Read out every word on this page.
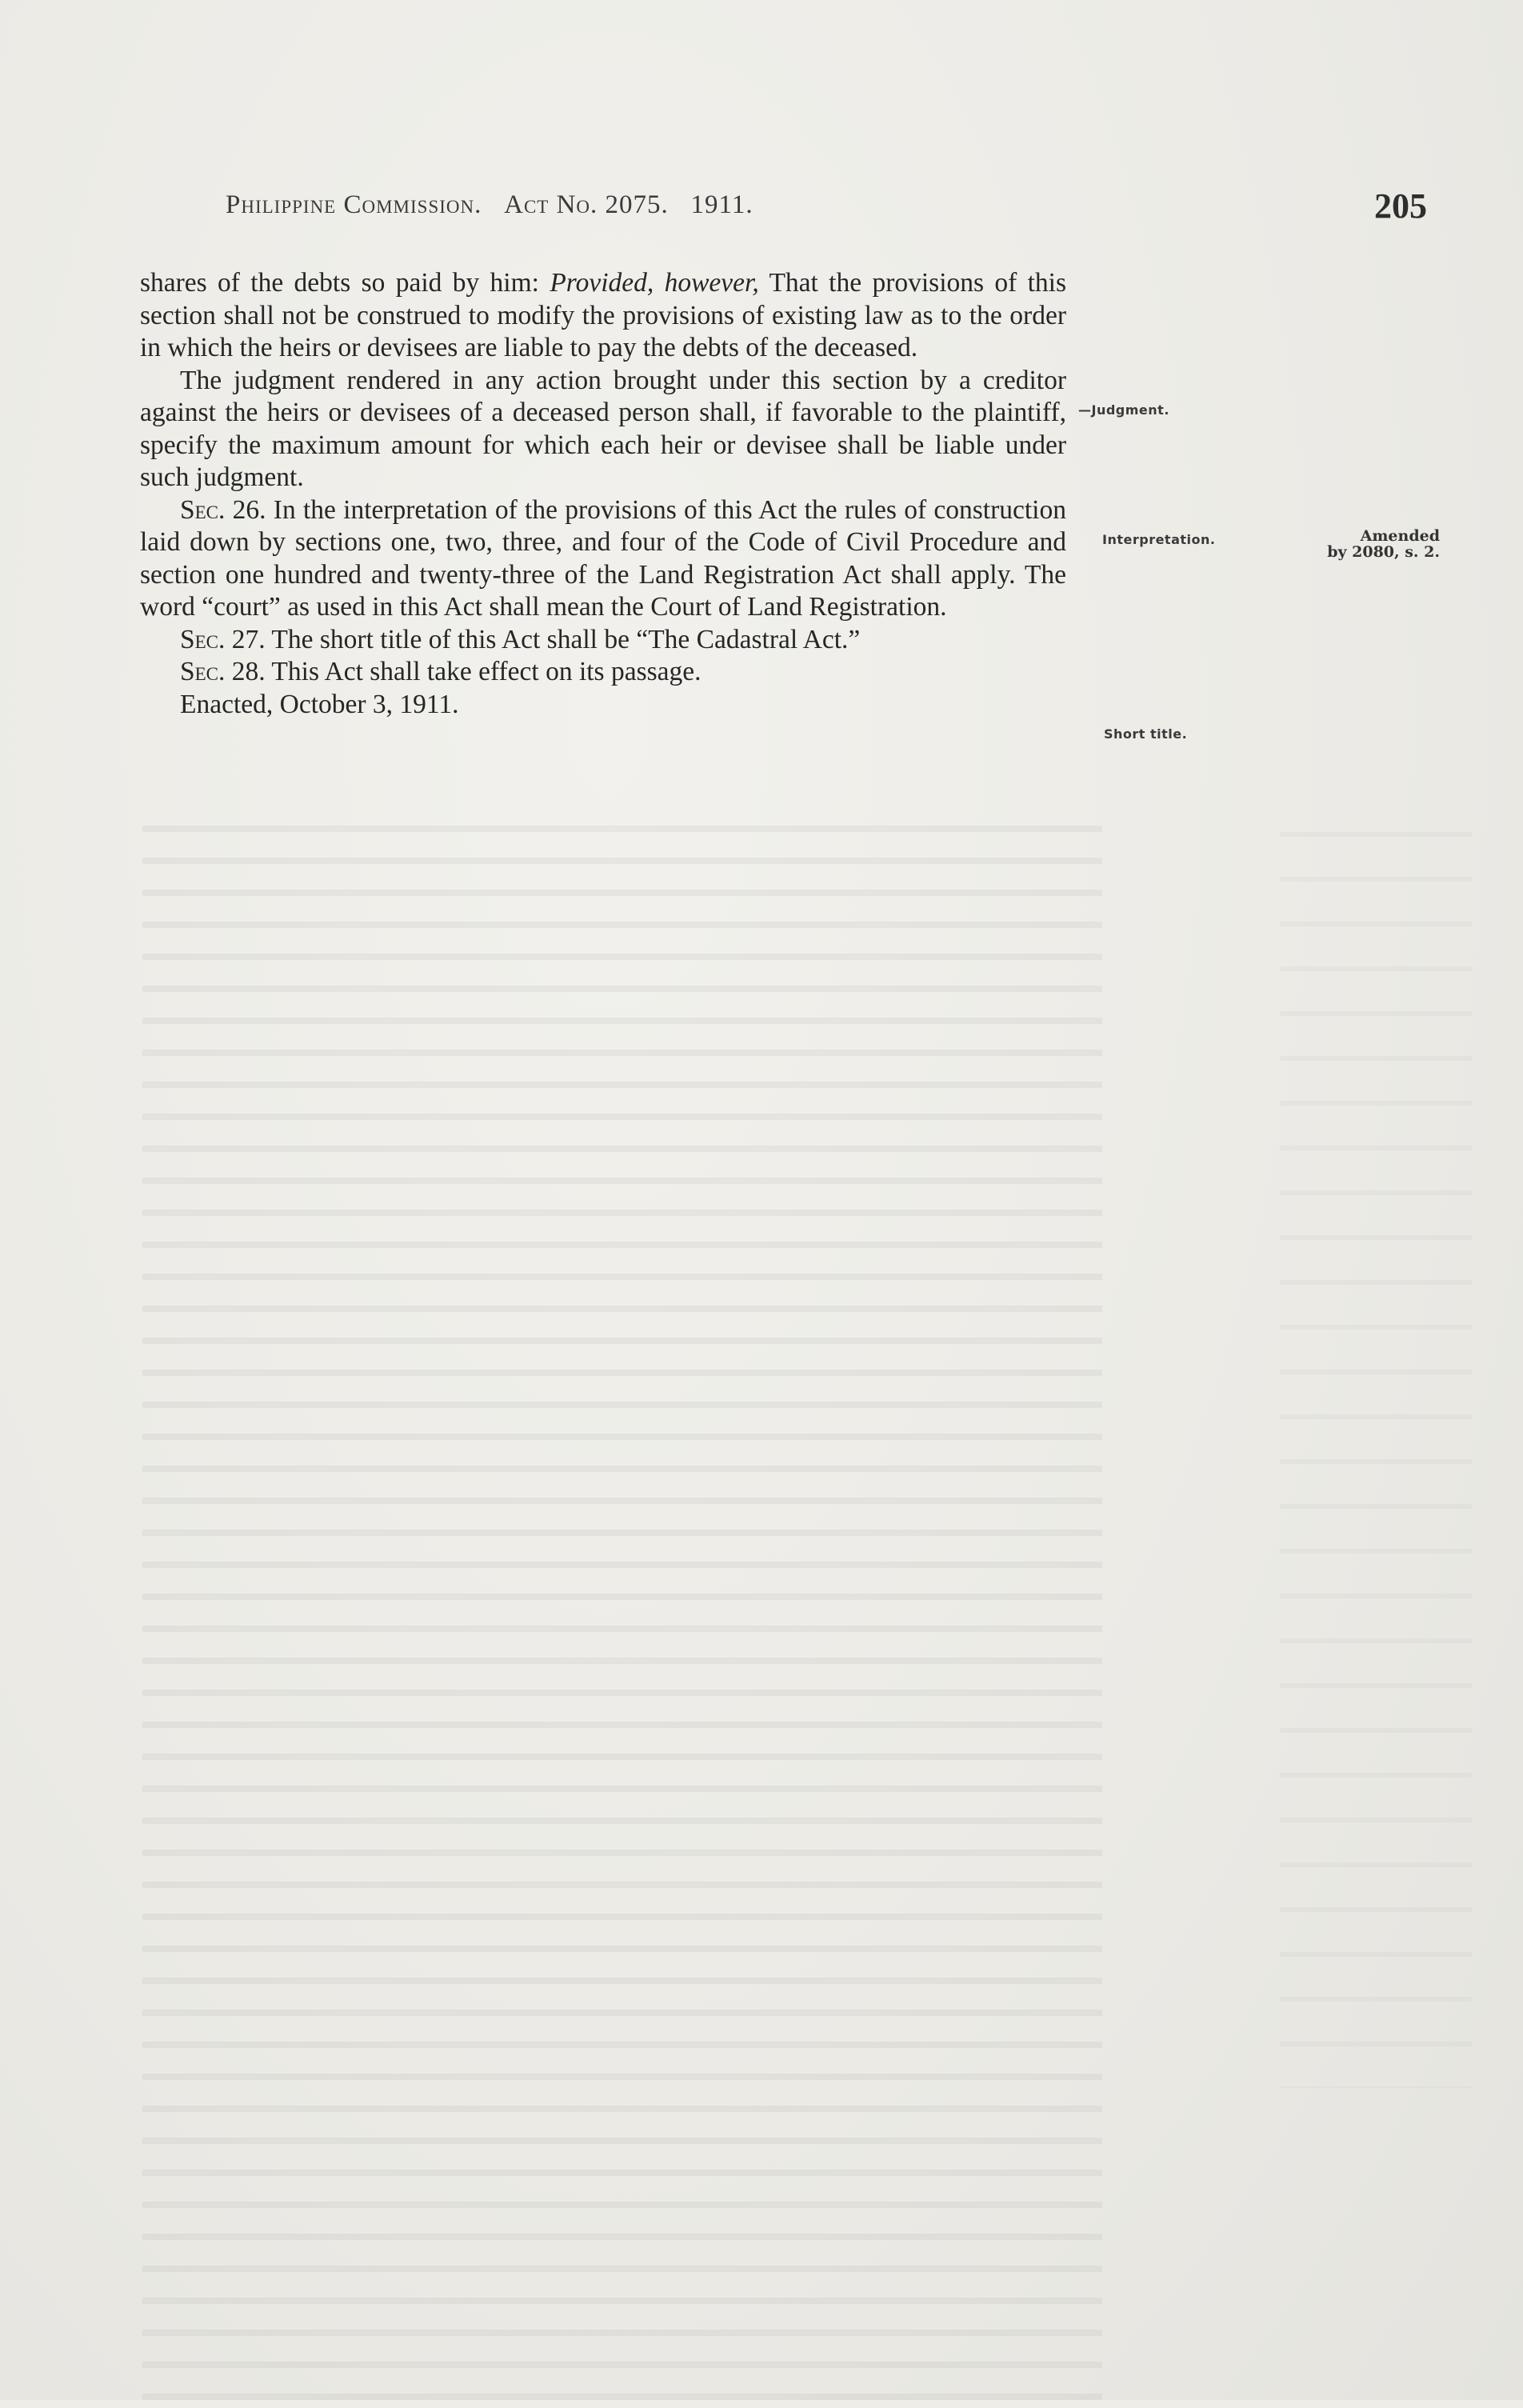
Philippine Commission. Act No. 2075. 1911.	205

shares of the debts so paid by him: Provided, however, That the provisions of this section shall not be construed to modify the provisions of existing law as to the order in which the heirs or devisees are liable to pay the debts of the deceased.

The judgment rendered in any action brought under this section by a creditor against the heirs or devisees of a deceased person shall, if favorable to the plaintiff, specify the maximum amount for which each heir or devisee shall be liable under such judgment.

Sec. 26. In the interpretation of the provisions of this Act the rules of construction laid down by sections one, two, three, and four of the Code of Civil Procedure and section one hundred and twenty-three of the Land Registration Act shall apply. The word “court” as used in this Act shall mean the Court of Land Registration.

Sec. 27. The short title of this Act shall be “The Cadastral Act.”

Sec. 28. This Act shall take effect on its passage.

Enacted, October 3, 1911.

—Judgment.
Interpretation.
Short title.
Amended
by 2080, s. 2.
